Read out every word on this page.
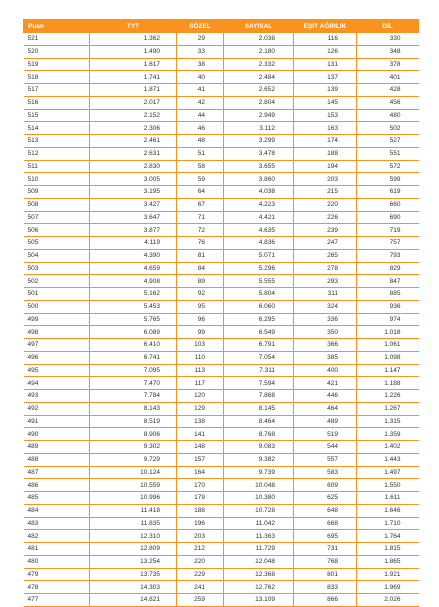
Puan	TYT	SÖZEL	SAYISAL	EŞİT AĞIRLIK	DİL
521	1.362	29	2.038	116	330
520	1.490	33	2.180	126	348
519	1.617	38	2.332	131	378
518	1.741	40	2.484	137	401
517	1.871	41	2.652	139	428
516	2.017	42	2.804	145	456
515	2.152	44	2.949	153	480
514	2.306	46	3.112	163	502
513	2.461	48	3.299	174	527
512	2.631	51	3.478	188	551
511	2.830	58	3.655	194	572
510	3.005	59	3.860	203	599
509	3.195	64	4.038	215	619
508	3.427	67	4.223	220	660
507	3.647	71	4.421	226	690
506	3.877	72	4.635	239	719
505	4.119	76	4.836	247	757
504	4.390	81	5.071	265	793
503	4.659	84	5.296	278	829
502	4.908	89	5.555	293	847
501	5.162	92	5.804	311	885
500	5.453	95	6.060	324	936
499	5.765	96	6.295	336	974
498	6.089	99	6.549	350	1.018
497	6.410	103	6.791	366	1.061
496	6.741	110	7.054	385	1.098
495	7.095	113	7.311	400	1.147
494	7.470	117	7.594	421	1.188
493	7.784	120	7.868	446	1.226
492	8.143	129	8.145	464	1.267
491	8.519	138	8.464	489	1.315
490	8.906	141	8.768	519	1.359
489	9.302	148	9.083	544	1.402
488	9.729	157	9.382	557	1.443
487	10.124	164	9.739	583	1.497
486	10.559	170	10.048	609	1.550
485	10.996	179	10.380	625	1.611
484	11.418	188	10.728	648	1.646
483	11.835	196	11.042	668	1.710
482	12.310	203	11.363	695	1.764
481	12.809	212	11.729	731	1.815
480	13.254	220	12.048	768	1.865
479	13.735	229	12.368	801	1.921
478	14.303	241	12.762	833	1.969
477	14.821	259	13.109	866	2.026
